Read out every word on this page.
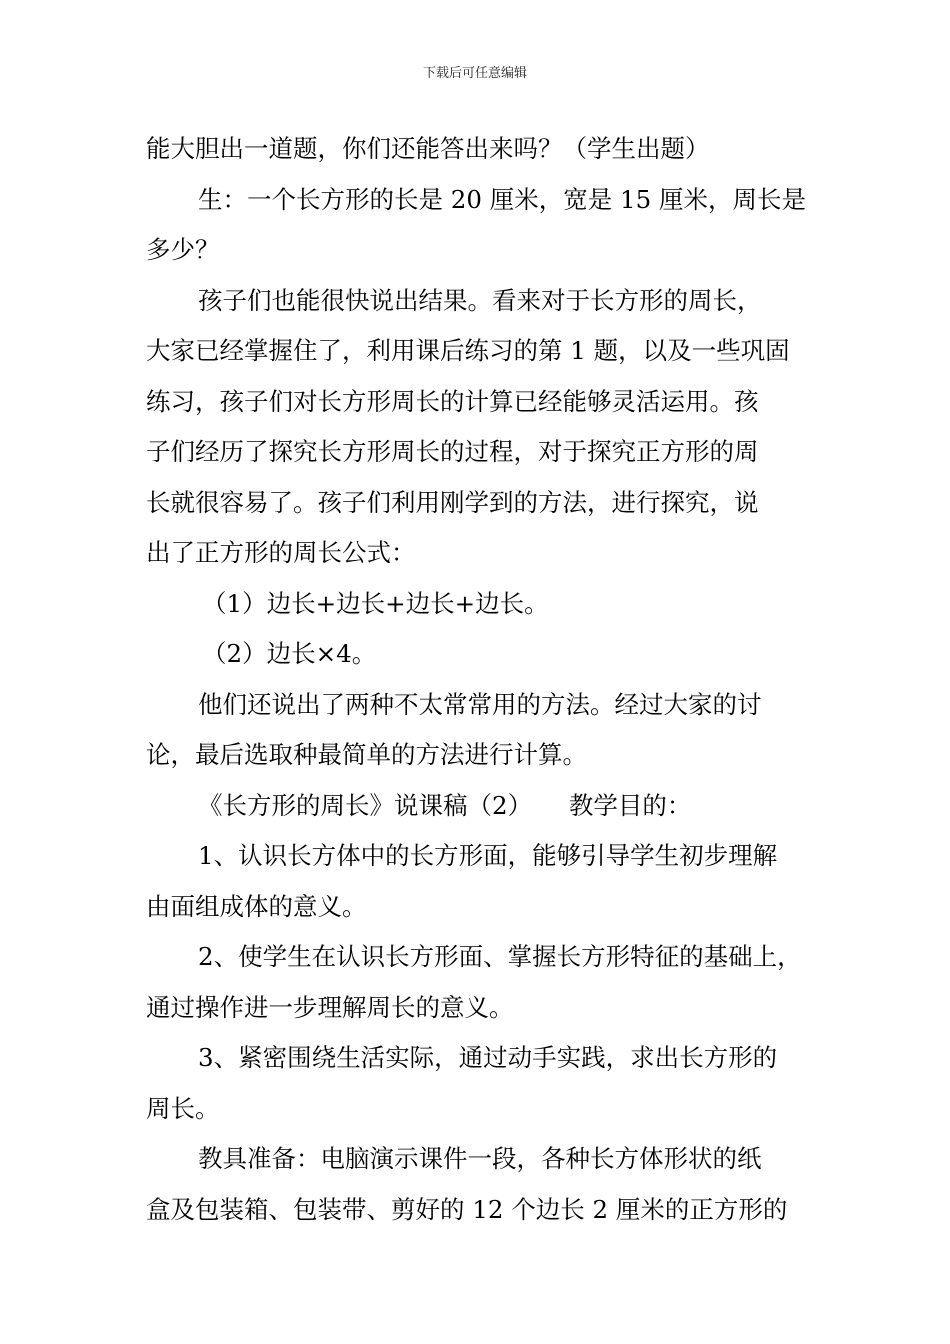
下载后可任意编辑
能大胆出一道题，你们还能答出来吗？（学生出题）
生：一个长方形的长是 20 厘米，宽是 15 厘米，周长是
多少？
孩子们也能很快说出结果。看来对于长方形的周长，
大家已经掌握住了，利用课后练习的第 1 题，以及一些巩固
练习，孩子们对长方形周长的计算已经能够灵活运用。孩
子们经历了探究长方形周长的过程，对于探究正方形的周
长就很容易了。孩子们利用刚学到的方法，进行探究，说
出了正方形的周长公式：
（1）边长+边长+边长+边长。
（2）边长×4。
他们还说出了两种不太常常用的方法。经过大家的讨
论，最后选取种最简单的方法进行计算。
《长方形的周长》说课稿（2）　　教学目的：
1、认识长方体中的长方形面，能够引导学生初步理解
由面组成体的意义。
2、使学生在认识长方形面、掌握长方形特征的基础上，
通过操作进一步理解周长的意义。
3、紧密围绕生活实际，通过动手实践，求出长方形的
周长。
教具准备：电脑演示课件一段，各种长方体形状的纸
盒及包装箱、包装带、剪好的 12 个边长 2 厘米的正方形的
